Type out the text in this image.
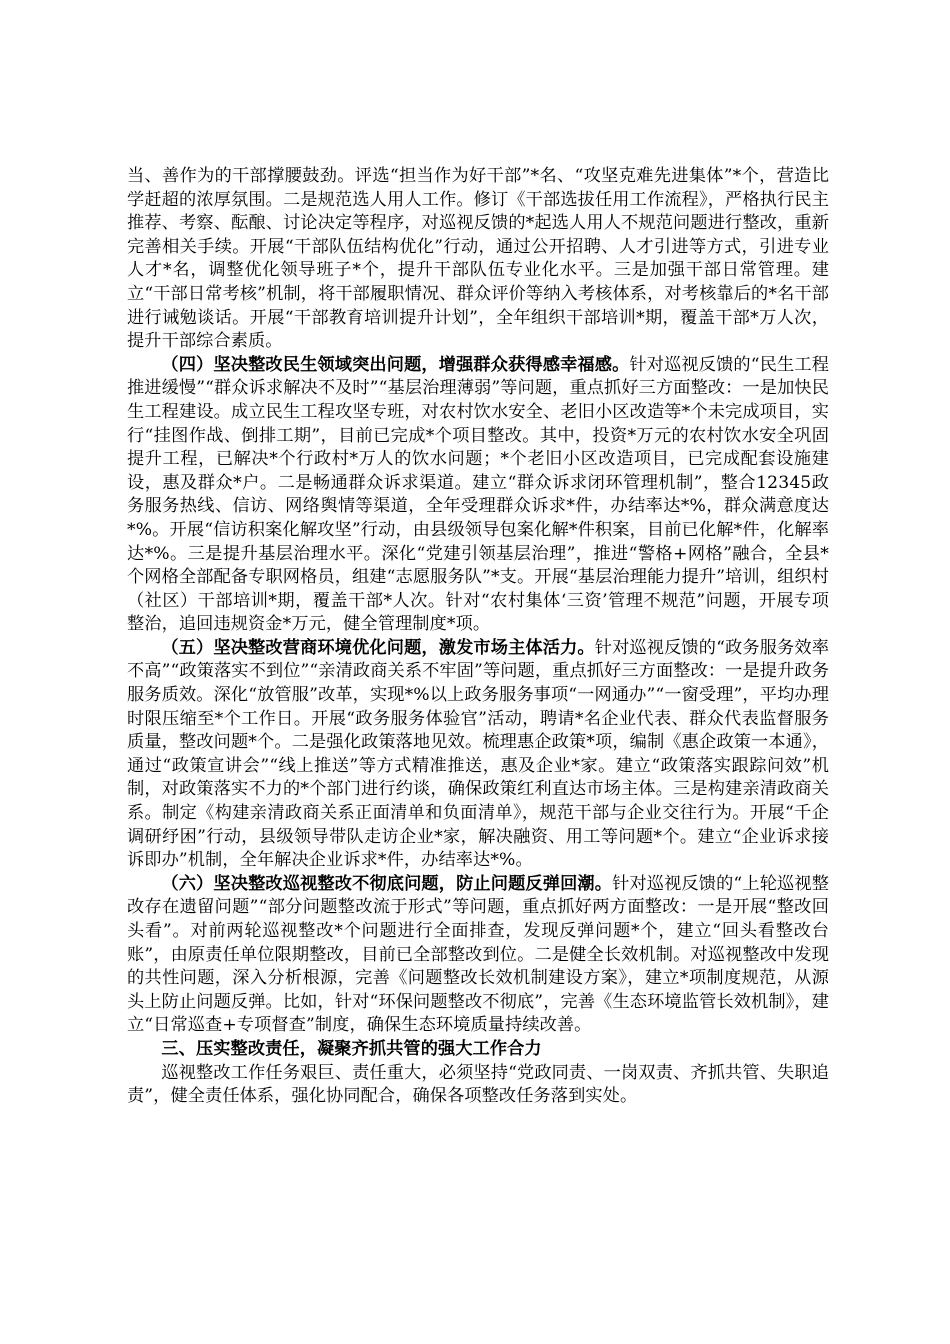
当、善作为的干部撑腰鼓劲。评选“担当作为好干部”*名、“攻坚克难先进集体”*个，营造比学赶超的浓厚氛围。二是规范选人用人工作。修订《干部选拔任用工作流程》，严格执行民主推荐、考察、酝酿、讨论决定等程序，对巡视反馈的*起选人用人不规范问题进行整改，重新完善相关手续。开展“干部队伍结构优化”行动，通过公开招聘、人才引进等方式，引进专业人才*名，调整优化领导班子*个，提升干部队伍专业化水平。三是加强干部日常管理。建立“干部日常考核”机制，将干部履职情况、群众评价等纳入考核体系，对考核靠后的*名干部进行诫勉谈话。开展“干部教育培训提升计划”，全年组织干部培训*期，覆盖干部*万人次，提升干部综合素质。

（四）坚决整改民生领域突出问题，增强群众获得感幸福感。针对巡视反馈的“民生工程推进缓慢”“群众诉求解决不及时”“基层治理薄弱”等问题，重点抓好三方面整改：一是加快民生工程建设。成立民生工程攻坚专班，对农村饮水安全、老旧小区改造等*个未完成项目，实行“挂图作战、倒排工期”，目前已完成*个项目整改。其中，投资*万元的农村饮水安全巩固提升工程，已解决*个行政村*万人的饮水问题；*个老旧小区改造项目，已完成配套设施建设，惠及群众*户。二是畅通群众诉求渠道。建立“群众诉求闭环管理机制”，整合12345政务服务热线、信访、网络舆情等渠道，全年受理群众诉求*件，办结率达*%，群众满意度达*%。开展“信访积案化解攻坚”行动，由县级领导包案化解*件积案，目前已化解*件，化解率达*%。三是提升基层治理水平。深化“党建引领基层治理”，推进“警格+网格”融合，全县*个网格全部配备专职网格员，组建“志愿服务队”*支。开展“基层治理能力提升”培训，组织村（社区）干部培训*期，覆盖干部*人次。针对“农村集体‘三资’管理不规范”问题，开展专项整治，追回违规资金*万元，健全管理制度*项。

（五）坚决整改营商环境优化问题，激发市场主体活力。针对巡视反馈的“政务服务效率不高”“政策落实不到位”“亲清政商关系不牢固”等问题，重点抓好三方面整改：一是提升政务服务质效。深化“放管服”改革，实现*%以上政务服务事项“一网通办”“一窗受理”，平均办理时限压缩至*个工作日。开展“政务服务体验官”活动，聘请*名企业代表、群众代表监督服务质量，整改问题*个。二是强化政策落地见效。梳理惠企政策*项，编制《惠企政策一本通》，通过“政策宣讲会”“线上推送”等方式精准推送，惠及企业*家。建立“政策落实跟踪问效”机制，对政策落实不力的*个部门进行约谈，确保政策红利直达市场主体。三是构建亲清政商关系。制定《构建亲清政商关系正面清单和负面清单》，规范干部与企业交往行为。开展“千企调研纾困”行动，县级领导带队走访企业*家，解决融资、用工等问题*个。建立“企业诉求接诉即办”机制，全年解决企业诉求*件，办结率达*%。

（六）坚决整改巡视整改不彻底问题，防止问题反弹回潮。针对巡视反馈的“上轮巡视整改存在遗留问题”“部分问题整改流于形式”等问题，重点抓好两方面整改：一是开展“整改回头看”。对前两轮巡视整改*个问题进行全面排查，发现反弹问题*个，建立“回头看整改台账”，由原责任单位限期整改，目前已全部整改到位。二是健全长效机制。对巡视整改中发现的共性问题，深入分析根源，完善《问题整改长效机制建设方案》，建立*项制度规范，从源头上防止问题反弹。比如，针对“环保问题整改不彻底”，完善《生态环境监管长效机制》，建立“日常巡查+专项督查”制度，确保生态环境质量持续改善。

三、压实整改责任，凝聚齐抓共管的强大工作合力

巡视整改工作任务艰巨、责任重大，必须坚持“党政同责、一岗双责、齐抓共管、失职追责”，健全责任体系，强化协同配合，确保各项整改任务落到实处。
